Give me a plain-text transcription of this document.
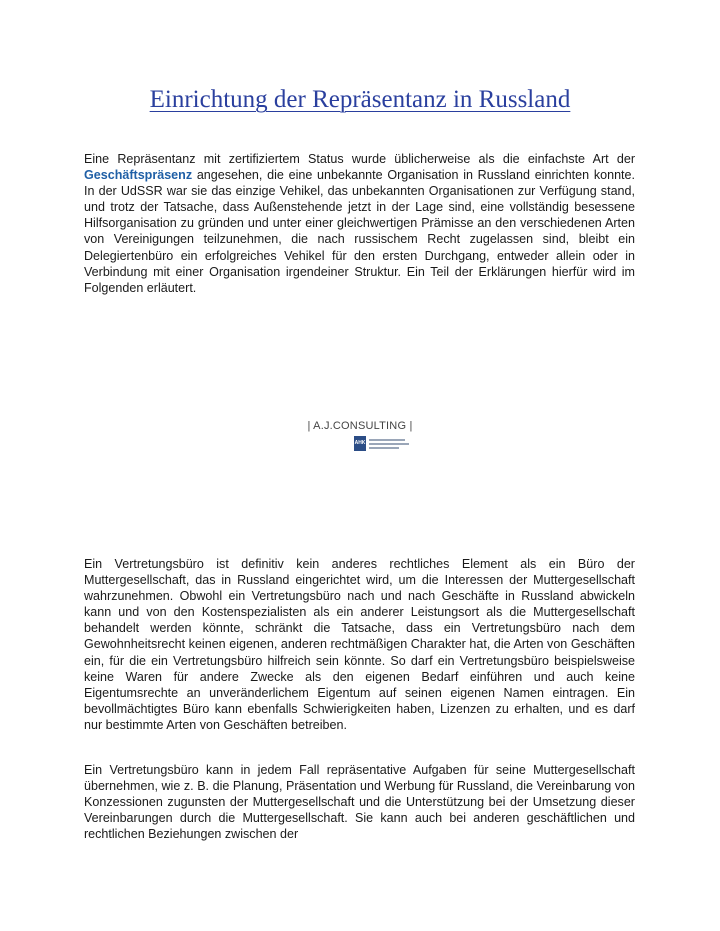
Einrichtung der Repräsentanz in Russland

Eine Repräsentanz mit zertifiziertem Status wurde üblicherweise als die einfachste Art der Geschäftspräsenz angesehen, die eine unbekannte Organisation in Russland einrichten konnte. In der UdSSR war sie das einzige Vehikel, das unbekannten Organisationen zur Verfügung stand, und trotz der Tatsache, dass Außenstehende jetzt in der Lage sind, eine vollständig besessene Hilfsorganisation zu gründen und unter einer gleichwertigen Prämisse an den verschiedenen Arten von Vereinigungen teilzunehmen, die nach russischem Recht zugelassen sind, bleibt ein Delegiertenbüro ein erfolgreiches Vehikel für den ersten Durchgang, entweder allein oder in Verbindung mit einer Organisation irgendeiner Struktur. Ein Teil der Erklärungen hierfür wird im Folgenden erläutert.

| A.J.CONSULTING |
AHK

Ein Vertretungsbüro ist definitiv kein anderes rechtliches Element als ein Büro der Muttergesellschaft, das in Russland eingerichtet wird, um die Interessen der Muttergesellschaft wahrzunehmen. Obwohl ein Vertretungsbüro nach und nach Geschäfte in Russland abwickeln kann und von den Kostenspezialisten als ein anderer Leistungsort als die Muttergesellschaft behandelt werden könnte, schränkt die Tatsache, dass ein Vertretungsbüro nach dem Gewohnheitsrecht keinen eigenen, anderen rechtmäßigen Charakter hat, die Arten von Geschäften ein, für die ein Vertretungsbüro hilfreich sein könnte. So darf ein Vertretungsbüro beispielsweise keine Waren für andere Zwecke als den eigenen Bedarf einführen und auch keine Eigentumsrechte an unveränderlichem Eigentum auf seinen eigenen Namen eintragen. Ein bevollmächtigtes Büro kann ebenfalls Schwierigkeiten haben, Lizenzen zu erhalten, und es darf nur bestimmte Arten von Geschäften betreiben.

Ein Vertretungsbüro kann in jedem Fall repräsentative Aufgaben für seine Muttergesellschaft übernehmen, wie z. B. die Planung, Präsentation und Werbung für Russland, die Vereinbarung von Konzessionen zugunsten der Muttergesellschaft und die Unterstützung bei der Umsetzung dieser Vereinbarungen durch die Muttergesellschaft. Sie kann auch bei anderen geschäftlichen und rechtlichen Beziehungen zwischen der
